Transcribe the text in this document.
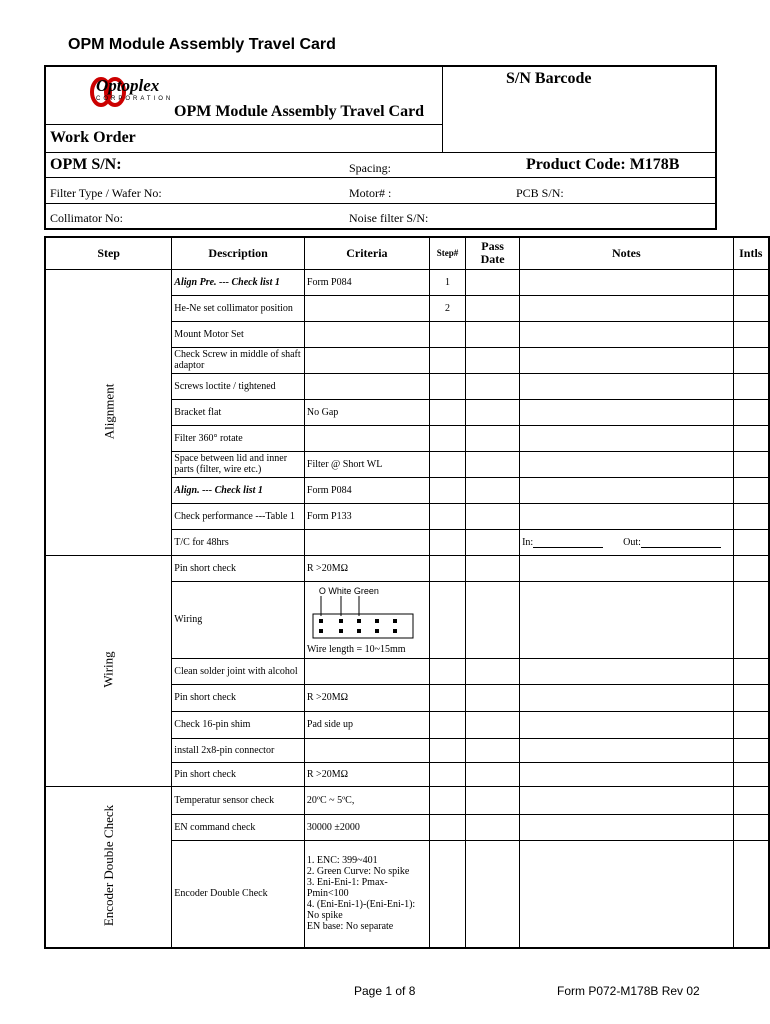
OPM Module Assembly Travel Card
Optoplex
CORPORATION
OPM Module Assembly Travel Card
S/N Barcode
Work Order
OPM S/N:	Spacing:	Product Code: M178B
Filter Type / Wafer No:	Motor# :	PCB S/N:
Collimator No:	Noise filter S/N:
Step	Description	Criteria	Step#	Pass Date	Notes	Intls
Alignment	Align Pre. --- Check list 1	Form P084	1			
	He-Ne set collimator position		2			
	Mount Motor Set					
	Check Screw in middle of shaft adaptor					
	Screws loctite / tightened					
	Bracket flat	No Gap				
	Filter 360° rotate					
	Space between lid and inner parts (filter, wire etc.)	Filter @ Short WL				
	Align. --- Check list 1	Form P084				
	Check performance ---Table 1	Form P133				
	T/C for 48hrs				In: Out:	
Wiring	Pin short check	R >20MΩ				
	Wiring	O White Green
Wire length = 10~15mm				

	Clean solder joint with alcohol					
	Pin short check	R >20MΩ				
	Check 16-pin shim	Pad side up				
	install 2x8-pin connector					
	Pin short check	R >20MΩ				
Encoder Double Check	Temperatur sensor check	20ºC ~ 5ºC,				
	EN command check	30000 ±2000				
	Encoder Double Check	1. ENC: 399~401
2. Green Curve: No spike
3. Eni-Eni-1: Pmax-Pmin<100
4. (Eni-Eni-1)-(Eni-Eni-1): No spike
EN base: No separate				

Page 1 of 8	Form P072-M178B Rev 02
